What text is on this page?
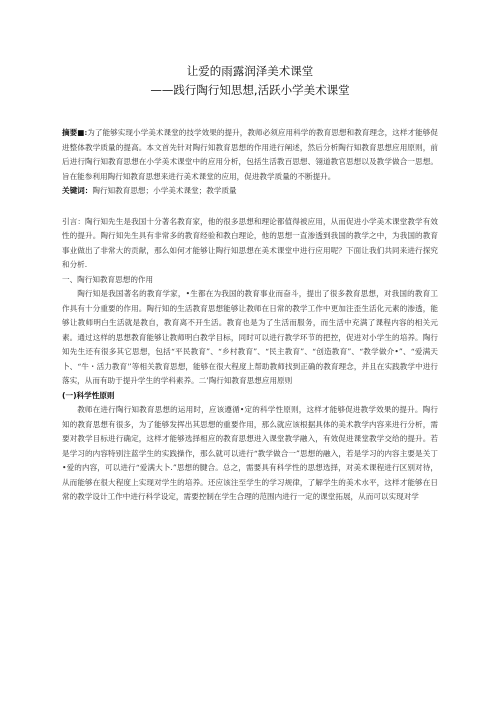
让爱的雨露润泽美术课堂
——践行陶行知思想,活跃小学美术课堂
摘要■:为了能够实现小学美术课堂的技学效果的提升，教师必须应用科学的教育思想和教育理念，这样才能够促进整体教学质量的提高。本文首先针对陶行知教育思想的作用进行阐述，然后分析陶行知教育思想应用原则，前后进行陶行知教育思想在小学美术课堂中的应用分析，包括生活教百思想、翎道教官思想以及教学做合一思想。旨在能参利用陶行知教育思想来进行美术课堂的应用，促进教学质量的不断提升。
关键词：陶行知教育思想；小学美术课堂；教学质量

引言：陶行知先生是我国十分著名教育家，他的很多思想和理论都值得被应用，从而促进小学美术课堂教学有效性的提升。陶行知先生具有非常多的教育经验和教白理论，他的思想一直渗透到我国的教学之中，为我国的教育事业做出了非常大的贡献，那么如何才能够让陶行知思想在美术课堂中进行应用呢？下面让我们共同来进行探究和分析.

一、陶行知教育思想的作用

陶行知是我国著名的教育学家，•生都在为我国的教育事业而奋斗，提出了很多教育思想，对我国的教育工作具有十分重要的作用。陶行知的生活教育思想能够让教师在日常的教学工作中更加注歪生活化元素的渗透，能够让教师明白生活就是教自，教育离不开生活。教育也是为了生活而服务，而生活中充满了课程内容的相关元素。通过这样的思想教育能够让教师明白教学目标，同时可以进行教学环节的把控，促进对小学生的培养。陶行知先生还有很多其它思想，包括“平民教育”、“乡村教育”、“民主教育”、“创造教育”、“教学做介•”、“爱满天卜、“牛・活力教育'’等相关教育思想，能够在很大程度上帮助教师找到正确的教育理念，并且在实践教学中进行落实，从而有助于提升学生的学科素养。二’陶行知教育思想应用原则

(一)科学性原则

教师在进行陶行知教育思想的运用时，应该遵循•定的科学性原则，这样才能够促进教学效果的提升。陶行知的教育思想有很多，为了能够发挥出其思想的重要作用，那么就应该根据具体的美术教学内容来进行分析，需要对教学目标进行确定，这样才能够选择相应的教育思想进入课堂教学融入，有效促进课堂教学交给的提升。若是学习的内容特别注蓝学生的实践操作，那么就可以进行“教学做合一”思想的融入，若是学习的内容主要是关丁•爱的内容，可以进行“爱满大卜.”思想的腱合。总之，需要具有科学性的思想选择，对美术课程进行区别对待，从而能够在很大程度上实现对学生的培养。还应该注至学生的学习规律，了解学生的美术水平，这样才能够在日常的教学设计工作中进行科学设定，需要控制在学生合理的范围内进行一定的课堂拓展，从而可以实现对学
